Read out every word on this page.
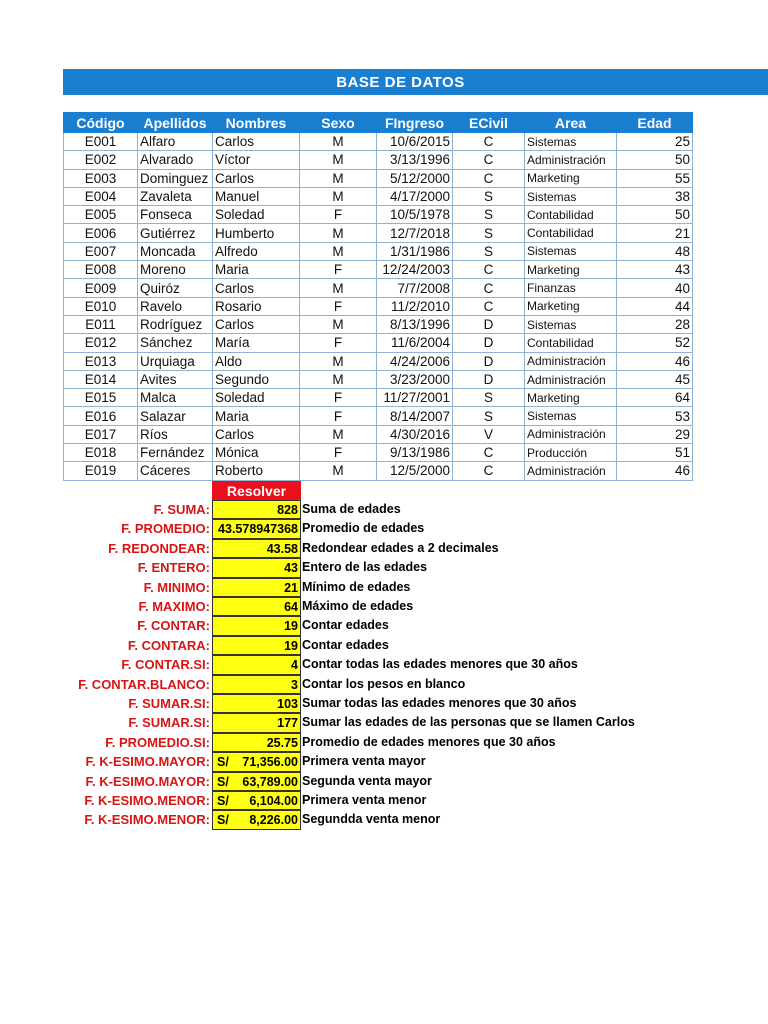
BASE DE DATOS
Código	Apellidos	Nombres	Sexo	FIngreso	ECivil	Area	Edad
E001	Alfaro	Carlos	M	10/6/2015	C	Sistemas	25
E002	Alvarado	Víctor	M	3/13/1996	C	Administración	50
E003	Dominguez	Carlos	M	5/12/2000	C	Marketing	55
E004	Zavaleta	Manuel	M	4/17/2000	S	Sistemas	38
E005	Fonseca	Soledad	F	10/5/1978	S	Contabilidad	50
E006	Gutiérrez	Humberto	M	12/7/2018	S	Contabilidad	21
E007	Moncada	Alfredo	M	1/31/1986	S	Sistemas	48
E008	Moreno	Maria	F	12/24/2003	C	Marketing	43
E009	Quiróz	Carlos	M	7/7/2008	C	Finanzas	40
E010	Ravelo	Rosario	F	11/2/2010	C	Marketing	44
E011	Rodríguez	Carlos	M	8/13/1996	D	Sistemas	28
E012	Sánchez	María	F	11/6/2004	D	Contabilidad	52
E013	Urquiaga	Aldo	M	4/24/2006	D	Administración	46
E014	Avites	Segundo	M	3/23/2000	D	Administración	45
E015	Malca	Soledad	F	11/27/2001	S	Marketing	64
E016	Salazar	Maria	F	8/14/2007	S	Sistemas	53
E017	Ríos	Carlos	M	4/30/2016	V	Administración	29
E018	Fernández	Mónica	F	9/13/1986	C	Producción	51
E019	Cáceres	Roberto	M	12/5/2000	C	Administración	46
Resolver
F. SUMA:	828 Suma de edades
F. PROMEDIO: 43.578947368 Promedio de edades
F. REDONDEAR:	43.58 Redondear edades a 2 decimales
F. ENTERO:	43 Entero de las edades
F. MINIMO:	21 Mínimo de edades
F. MAXIMO:	64 Máximo de edades
F. CONTAR:	19 Contar edades
F. CONTARA:	19 Contar edades
F. CONTAR.SI:	4 Contar todas las edades menores que 30 años
F. CONTAR.BLANCO:	3 Contar los pesos en blanco
F. SUMAR.SI:	103 Sumar todas las edades menores que 30 años
F. SUMAR.SI:	177 Sumar las edades de las personas que se llamen Carlos
F. PROMEDIO.SI:	25.75 Promedio de edades menores que 30 años
F. K-ESIMO.MAYOR: S/ 71,356.00 Primera venta mayor
F. K-ESIMO.MAYOR: S/ 63,789.00 Segunda venta mayor
F. K-ESIMO.MENOR: S/ 6,104.00 Primera venta menor
F. K-ESIMO.MENOR: S/ 8,226.00 Segundda venta menor
